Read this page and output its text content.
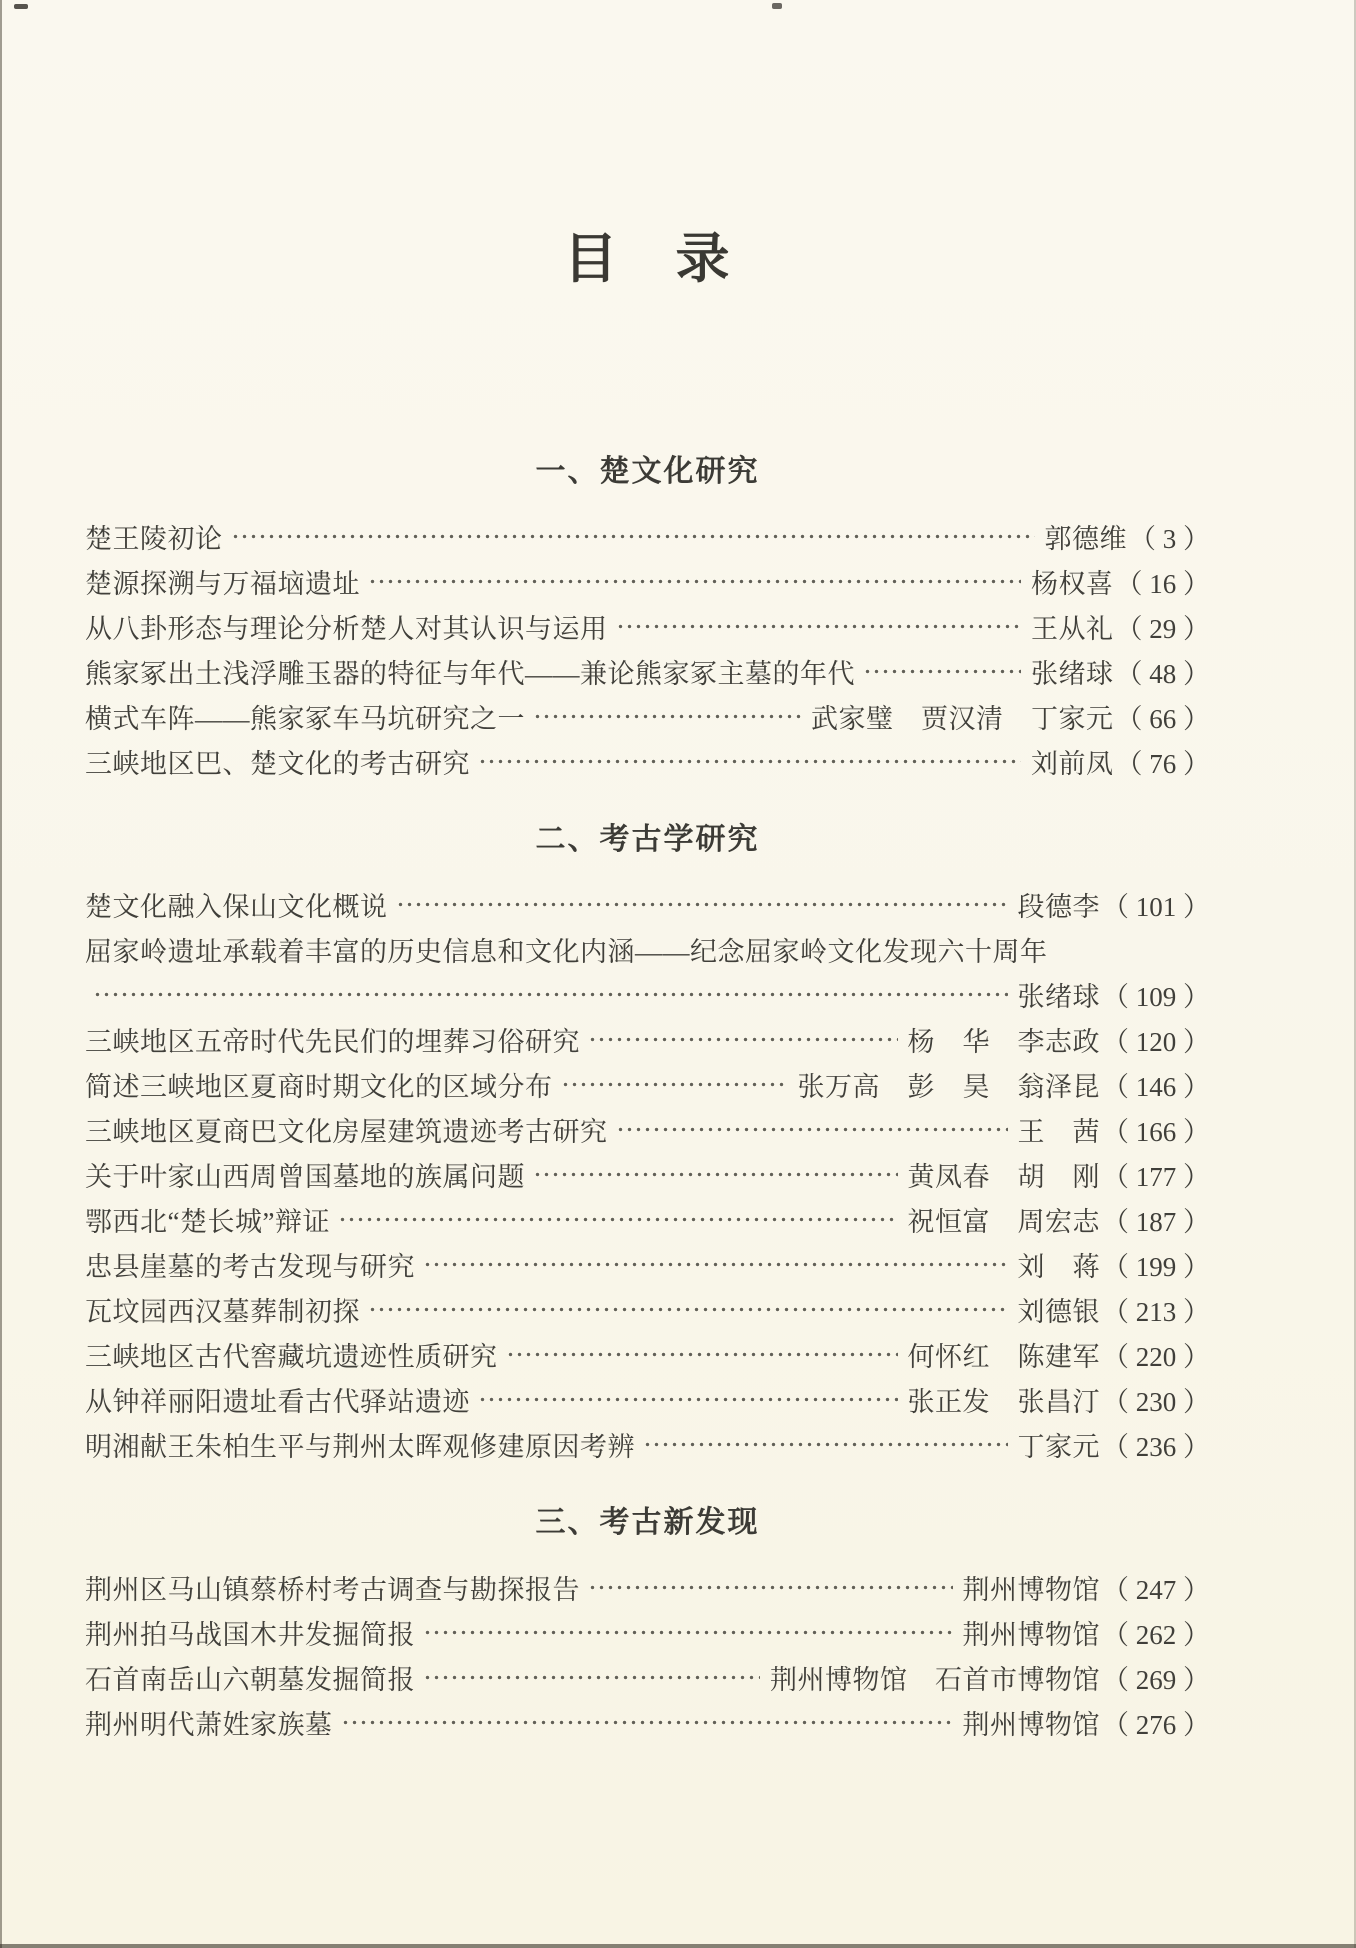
目　录
一、楚文化研究
楚王陵初论	郭德维 （ 3 ）
楚源探溯与万福垴遗址	杨权喜 （ 16 ）
从八卦形态与理论分析楚人对其认识与运用	王从礼 （ 29 ）
熊家冢出土浅浮雕玉器的特征与年代——兼论熊家冢主墓的年代	张绪球 （ 48 ）
横式车阵——熊家冢车马坑研究之一	武家璧　贾汉清　丁家元 （ 66 ）
三峡地区巴、楚文化的考古研究	刘前凤 （ 76 ）
二、考古学研究
楚文化融入保山文化概说	段德李 （ 101 ）
屈家岭遗址承载着丰富的历史信息和文化内涵——纪念屈家岭文化发现六十周年
张绪球 （ 109 ）
三峡地区五帝时代先民们的埋葬习俗研究	杨　华　李志政 （ 120 ）
简述三峡地区夏商时期文化的区域分布	张万高　彭　昊　翁泽昆 （ 146 ）
三峡地区夏商巴文化房屋建筑遗迹考古研究	王　茜 （ 166 ）
关于叶家山西周曾国墓地的族属问题	黄凤春　胡　刚 （ 177 ）
鄂西北“楚长城”辩证	祝恒富　周宏志 （ 187 ）
忠县崖墓的考古发现与研究	刘　蒋 （ 199 ）
瓦坟园西汉墓葬制初探	刘德银 （ 213 ）
三峡地区古代窖藏坑遗迹性质研究	何怀红　陈建军 （ 220 ）
从钟祥丽阳遗址看古代驿站遗迹	张正发　张昌汀 （ 230 ）
明湘献王朱柏生平与荆州太晖观修建原因考辨	丁家元 （ 236 ）
三、考古新发现
荆州区马山镇蔡桥村考古调查与勘探报告	荆州博物馆 （ 247 ）
荆州拍马战国木井发掘简报	荆州博物馆 （ 262 ）
石首南岳山六朝墓发掘简报	荆州博物馆　石首市博物馆 （ 269 ）
荆州明代萧姓家族墓	荆州博物馆 （ 276 ）
